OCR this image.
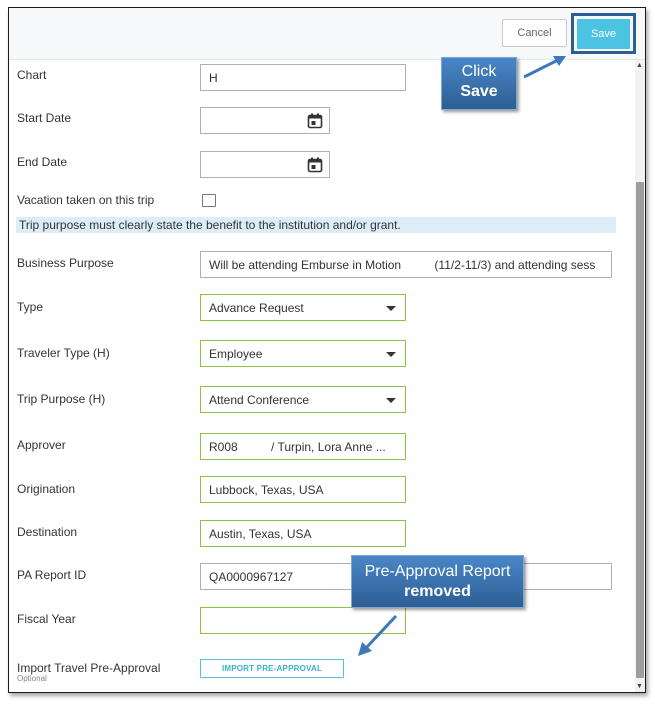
Cancel	Save
Chart	H
Start Date
End Date
Vacation taken on this trip
Trip purpose must clearly state the benefit to the institution and/or grant.
Business Purpose	Will be attending Emburse in Motion          (11/2-11/3) and attending sess
Type	Advance Request
Traveler Type (H)	Employee
Trip Purpose (H)	Attend Conference
Approver	R008          / Turpin, Lora Anne ...
Origination	Lubbock, Texas, USA
Destination	Austin, Texas, USA
PA Report ID	QA0000967127
Fiscal Year
Import Travel Pre-Approval
Optional
IMPORT PRE-APPROVAL
▲
▼
Click
Save
Pre-Approval Report
removed
